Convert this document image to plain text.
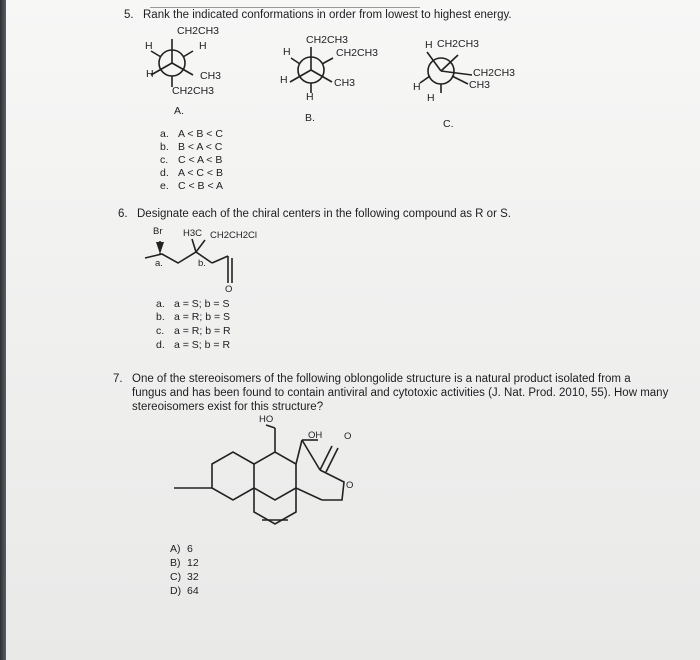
5. Rank the indicated conformations in order from lowest to highest energy.
CH2CH3
H	H
H	CH3
CH2CH3
A.
CH2CH3
H	CH2CH3
H	CH3
H
B.
H CH2CH3
CH2CH3
CH3
H
H
C.
a. A < B < C
b. B < A < C
c. C < A < B
d. A < C < B
e. C < B < A
6. Designate each of the chiral centers in the following compound as R or S.
Br H3C CH2CH2Cl
a.	b.
O
a. a = S; b = S
b. a = R; b = S
c. a = R; b = R
d. a = S; b = R
7. One of the stereoisomers of the following oblongolide structure is a natural product isolated from a
fungus and has been found to contain antiviral and cytotoxic activities (J. Nat. Prod. 2010, 55). How many
stereoisomers exist for this structure?
HO
OH O
O
A) 6
B) 12
C) 32
D) 64
